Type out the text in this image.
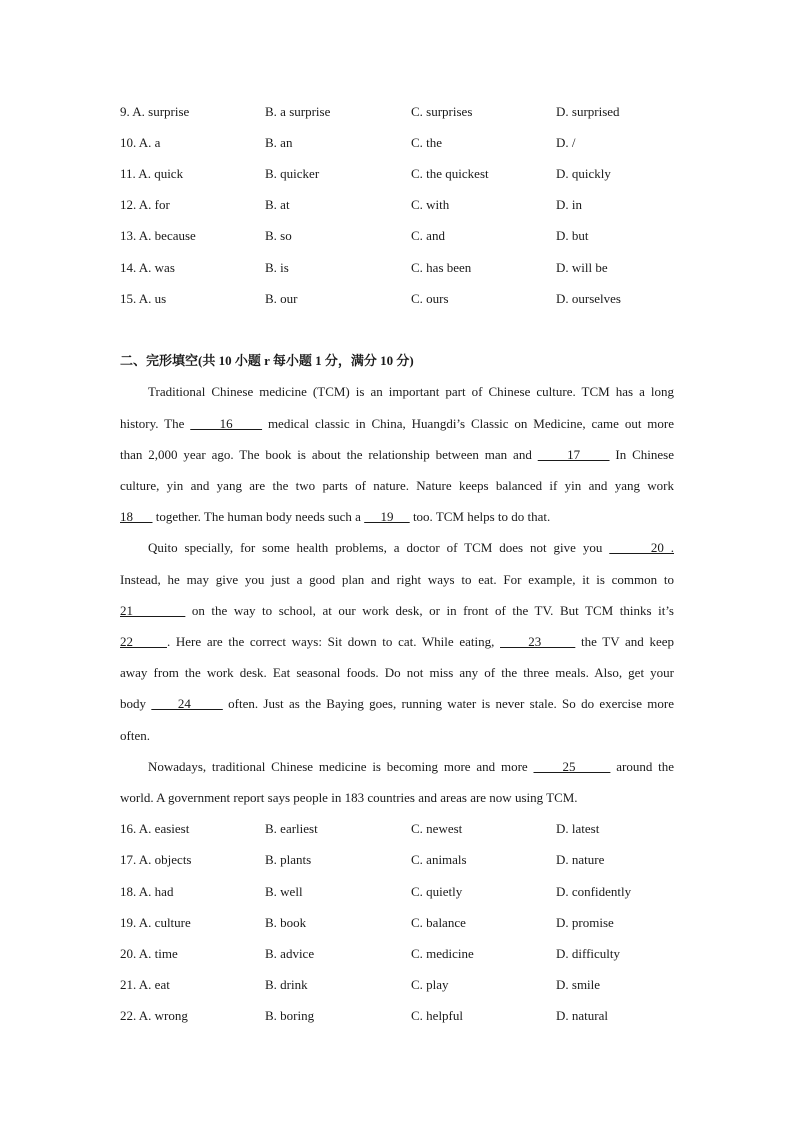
9. A. surprise	B. a surprise	C. surprises	D. surprised
10. A. a	B. an	C. the	D. /
11. A. quick	B. quicker	C. the quickest	D. quickly
12. A. for	B. at	C. with	D. in
13. A. because	B. so	C. and	D. but
14. A. was	B. is	C. has been	D. will be
15. A. us	B. our	C. ours	D. ourselves
二、完形填空(共 10 小题 r 每小题 1 分，满分 10 分)
Traditional Chinese medicine (TCM) is an important part of Chinese culture. TCM has a long
history. The      16      medical classic in China, Huangdi’s Classic on Medicine, came out more
than 2,000 year ago. The book is about the relationship between man and      17      In Chinese
culture, yin and yang are the two parts of nature. Nature keeps balanced if yin and yang work
18       together. The human body needs such a      19      too. TCM helps to do that.
Quito specially, for some health problems, a doctor of TCM does not give you       20 .
Instead, he may give you just a good plan and right ways to eat. For example, it is common to
21         on the way to school, at our work desk, or in front of the TV. But TCM thinks it’s
22      . Here are the correct ways: Sit down to cat. While eating,      23       the TV and keep
away from the work desk. Eat seasonal foods. Do not miss any of the three meals. Also, get your
body      24       often. Just as the Baying goes, running water is never stale. So do exercise more
often.
Nowadays, traditional Chinese medicine is becoming more and more      25       around the
world. A government report says people in 183 countries and areas are now using TCM.
16. A. easiest	B. earliest	C. newest	D. latest
17. A. objects	B. plants	C. animals	D. nature
18. A. had	B. well	C. quietly	D. confidently
19. A. culture	B. book	C. balance	D. promise
20. A. time	B. advice	C. medicine	D. difficulty
21. A. eat	B. drink	C. play	D. smile
22. A. wrong	B. boring	C. helpful	D. natural
